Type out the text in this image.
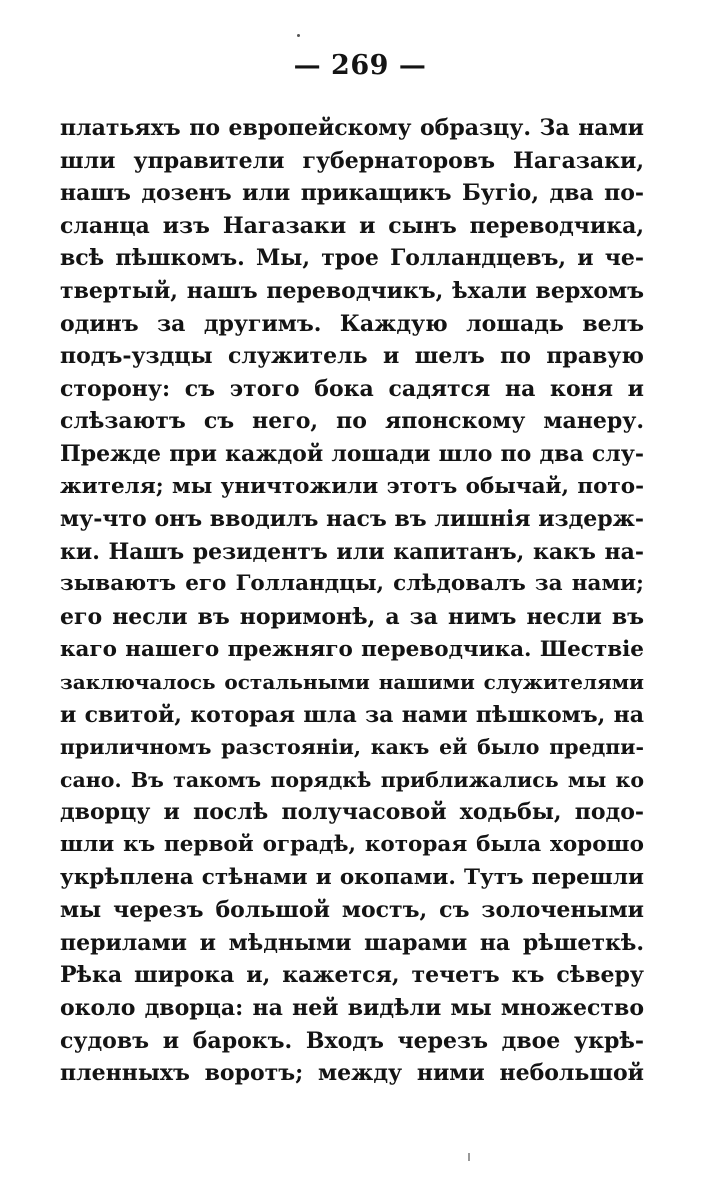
— 269 —
платьяхъ по европейскому образцу. За нами
шли управители губернаторовъ Нагазаки,
нашъ дозенъ или прикащикъ Бугіо, два по-
сланца изъ Нагазаки и сынъ переводчика,
всѣ пѣшкомъ. Мы, трое Голландцевъ, и че-
твертый, нашъ переводчикъ, ѣхали верхомъ
одинъ за другимъ. Каждую лошадь велъ
подъ-уздцы служитель и шелъ по правую
сторону: съ этого бока садятся на коня и
слѣзаютъ съ него, по японскому манеру.
Прежде при каждой лошади шло по два слу-
жителя; мы уничтожили этотъ обычай, пото-
му-что онъ вводилъ насъ въ лишнія издерж-
ки. Нашъ резидентъ или капитанъ, какъ на-
зываютъ его Голландцы, слѣдовалъ за нами;
его несли въ норимонѣ, а за нимъ несли въ
каго нашего прежняго переводчика. Шествіе
заключалось остальными нашими служителями
и свитой, которая шла за нами пѣшкомъ, на
приличномъ разстояніи, какъ ей было предпи-
сано. Въ такомъ порядкѣ приближались мы ко
дворцу и послѣ получасовой ходьбы, подо-
шли къ первой оградѣ, которая была хорошо
укрѣплена стѣнами и окопами. Тутъ перешли
мы черезъ большой мостъ, съ золочеными
перилами и мѣдными шарами на рѣшеткѣ.
Рѣка широка и, кажется, течетъ къ сѣверу
около дворца: на ней видѣли мы множество
судовъ и барокъ. Входъ черезъ двое укрѣ-
пленныхъ воротъ; между ними небольшой
